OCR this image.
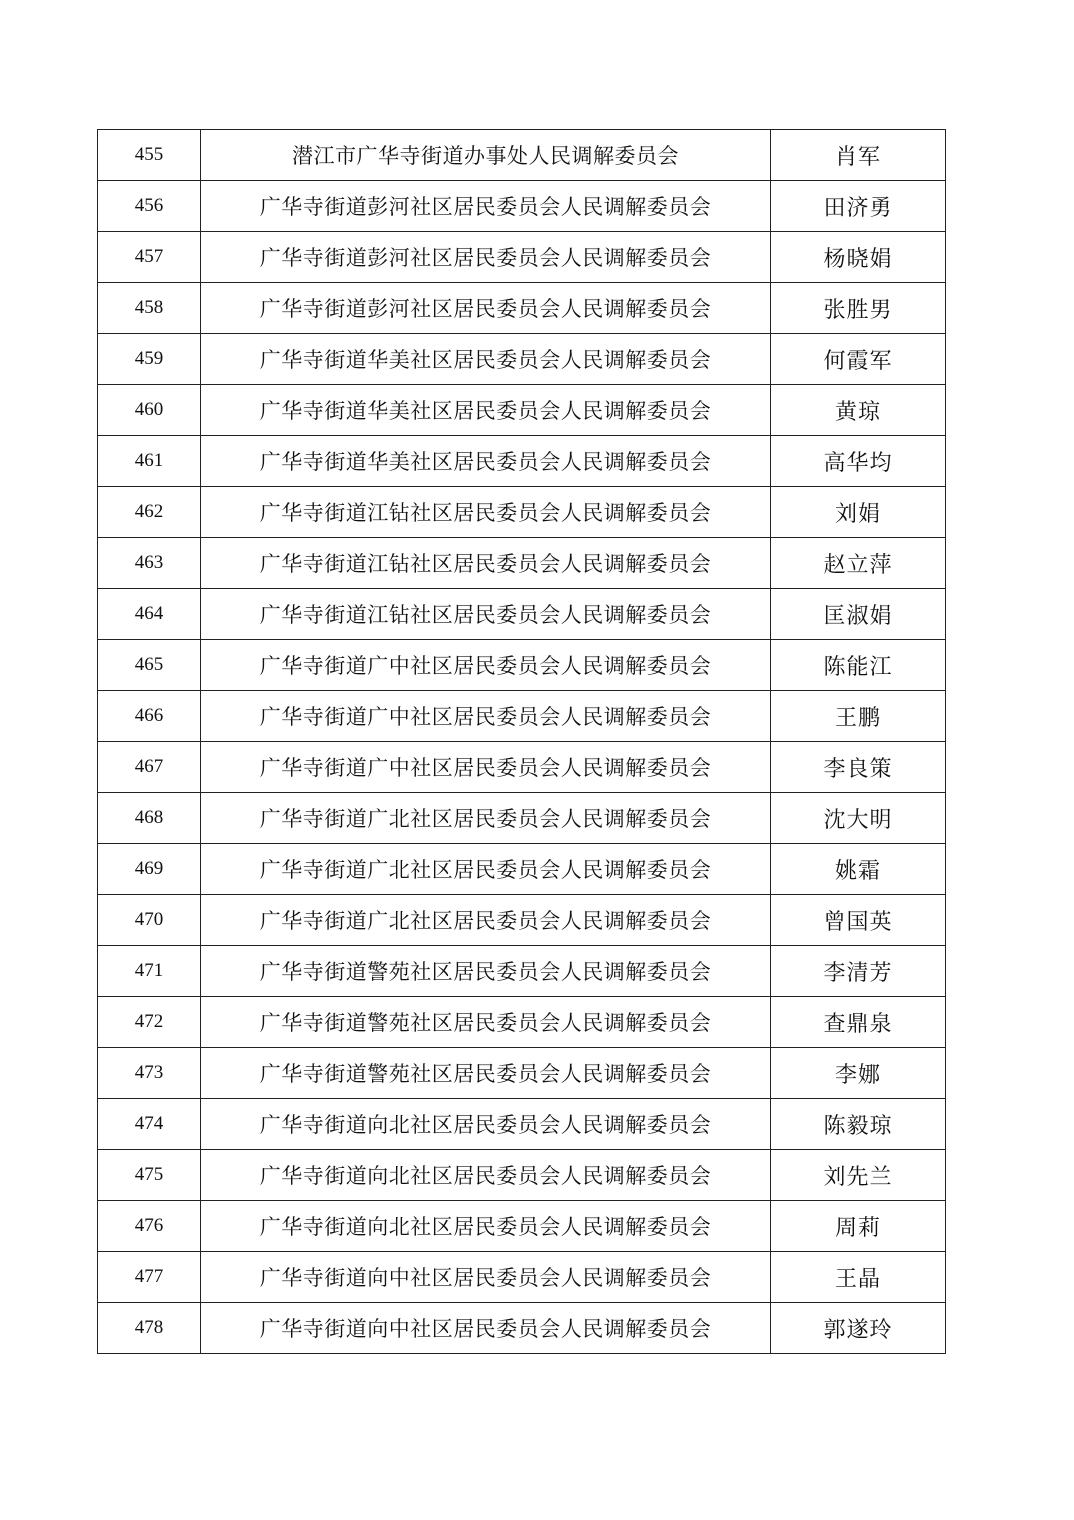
455	潜江市广华寺街道办事处人民调解委员会	肖军
456	广华寺街道彭河社区居民委员会人民调解委员会	田济勇
457	广华寺街道彭河社区居民委员会人民调解委员会	杨晓娟
458	广华寺街道彭河社区居民委员会人民调解委员会	张胜男
459	广华寺街道华美社区居民委员会人民调解委员会	何霞军
460	广华寺街道华美社区居民委员会人民调解委员会	黄琼
461	广华寺街道华美社区居民委员会人民调解委员会	高华均
462	广华寺街道江钻社区居民委员会人民调解委员会	刘娟
463	广华寺街道江钻社区居民委员会人民调解委员会	赵立萍
464	广华寺街道江钻社区居民委员会人民调解委员会	匡淑娟
465	广华寺街道广中社区居民委员会人民调解委员会	陈能江
466	广华寺街道广中社区居民委员会人民调解委员会	王鹏
467	广华寺街道广中社区居民委员会人民调解委员会	李良策
468	广华寺街道广北社区居民委员会人民调解委员会	沈大明
469	广华寺街道广北社区居民委员会人民调解委员会	姚霜
470	广华寺街道广北社区居民委员会人民调解委员会	曾国英
471	广华寺街道警苑社区居民委员会人民调解委员会	李清芳
472	广华寺街道警苑社区居民委员会人民调解委员会	查鼎泉
473	广华寺街道警苑社区居民委员会人民调解委员会	李娜
474	广华寺街道向北社区居民委员会人民调解委员会	陈毅琼
475	广华寺街道向北社区居民委员会人民调解委员会	刘先兰
476	广华寺街道向北社区居民委员会人民调解委员会	周莉
477	广华寺街道向中社区居民委员会人民调解委员会	王晶
478	广华寺街道向中社区居民委员会人民调解委员会	郭遂玲
